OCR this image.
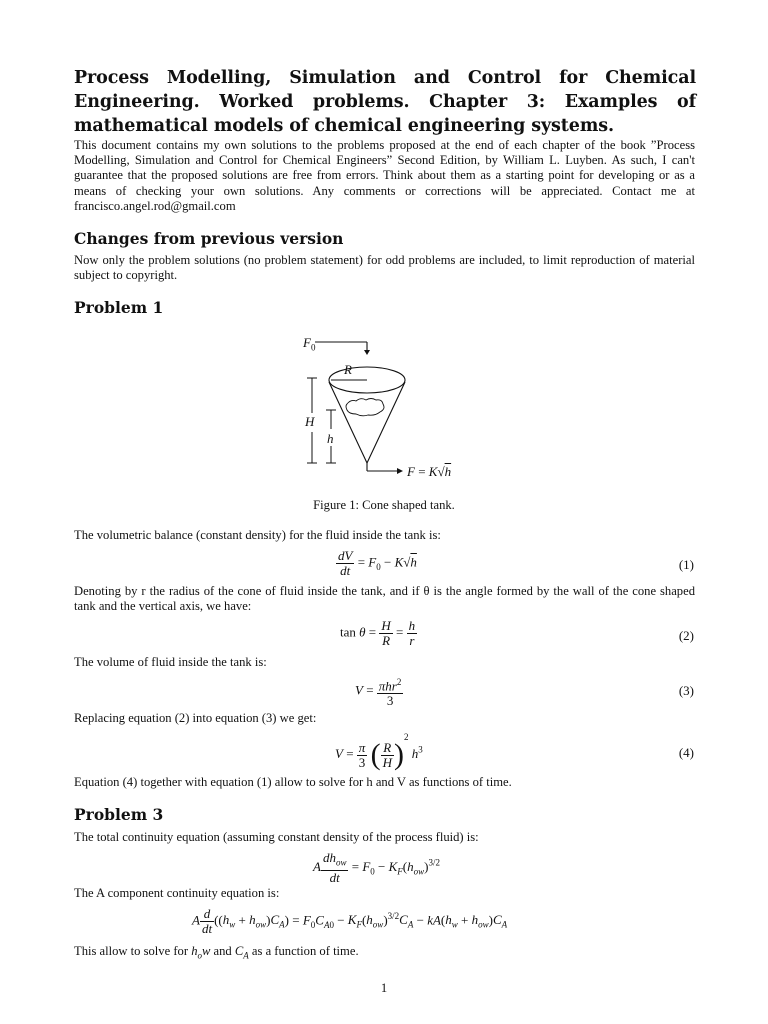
Process Modelling, Simulation and Control for Chemical Engineering. Worked problems. Chapter 3: Examples of mathematical models of chemical engineering systems.
This document contains my own solutions to the problems proposed at the end of each chapter of the book ”Process Modelling, Simulation and Control for Chemical Engineers” Second Edition, by William L. Luyben. As such, I can't guarantee that the proposed solutions are free from errors. Think about them as a starting point for developing or as a means of checking your own solutions. Any comments or corrections will be appreciated. Contact me at francisco.angel.rod@gmail.com
Changes from previous version
Now only the problem solutions (no problem statement) for odd problems are included, to limit reproduction of material subject to copyright.
Problem 1
$F_0$
R
H
h
F = K√h
Figure 1: Cone shaped tank.
The volumetric balance (constant density) for the fluid inside the tank is:
$\frac{dV}{dt} = F_0 - K√h$	(1)
Denoting by r the radius of the cone of fluid inside the tank, and if θ is the angle formed by the wall of the cone shaped tank and the vertical axis, we have:
$\tan \theta = \frac{H}{R} = \frac{h}{r}$	(2)
The volume of fluid inside the tank is:
$V = \frac{\pi hr^2}{3}$	(3)
Replacing equation (2) into equation (3) we get:
$V = \frac{\pi}{3}$ ( $\frac{R}{H} )^2$ $h^3$	(4)
Equation (4) together with equation (1) allow to solve for h and V as functions of time.
Problem 3
The total continuity equation (assuming constant density of the process fluid) is:
A $\frac{dh_{ow}}{dt} = F_0 - K_F(h_{ow})^{3/2}$
The A component continuity equation is:
A $\frac{d}{dt} ((h_w + h_{ow})C_A) = F_0C_{A0} - K_F(h_{ow})^{3/2}C_A - kA(h_w + h_{ow})C_A$
This allow to solve for $h_ow$ and $C_A$ as a function of time.
1
